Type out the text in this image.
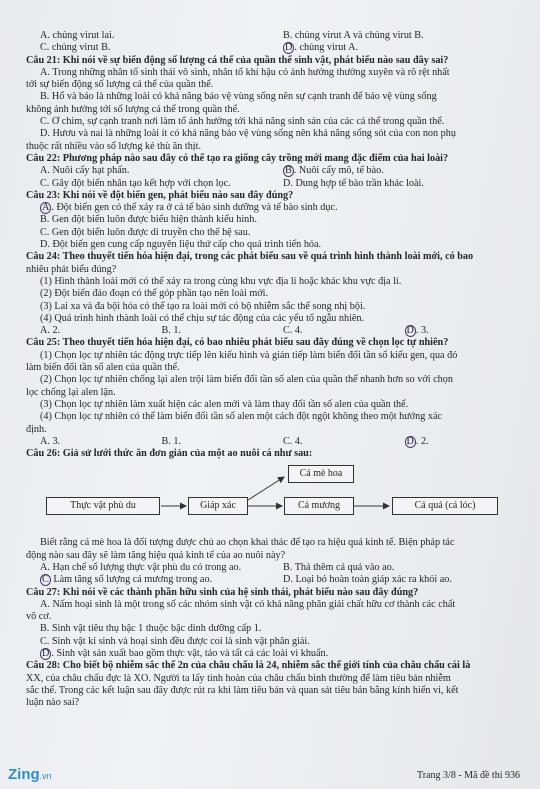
A. chủng virut lai.	B. chủng virut A và chủng virut B.
C. chủng virut B.	D . chủng virut A.
Câu 21: Khi nói về sự biến động số lượng cá thể của quần thể sinh vật, phát biểu nào sau đây sai?
A. Trong những nhân tố sinh thái vô sinh, nhân tố khí hậu có ảnh hưởng thường xuyên và rõ rệt nhất
tới sự biến động số lượng cá thể của quần thể.
B. Hổ và báo là những loài có khả năng bảo vệ vùng sống nên sự cạnh tranh để bảo vệ vùng sống
không ảnh hưởng tới số lượng cá thể trong quần thể.
C. Ở chim, sự cạnh tranh nơi làm tổ ảnh hưởng tới khả năng sinh sản của các cá thể trong quần thể.
D. Hươu và nai là những loài ít có khả năng bảo vệ vùng sống nên khả năng sống sót của con non phụ
thuộc rất nhiều vào số lượng kẻ thù ăn thịt.
Câu 22: Phương pháp nào sau đây có thể tạo ra giống cây trồng mới mang đặc điểm của hai loài?
A. Nuôi cấy hạt phấn.	B . Nuôi cấy mô, tế bào.
C. Gây đột biến nhân tạo kết hợp với chọn lọc.	D. Dung hợp tế bào trần khác loài.
Câu 23: Khi nói về đột biến gen, phát biểu nào sau đây đúng?
A . Đột biến gen có thể xảy ra ở cả tế bào sinh dưỡng và tế bào sinh dục.
B. Gen đột biến luôn được biểu hiện thành kiểu hình.
C. Gen đột biến luôn được di truyền cho thế hệ sau.
D. Đột biến gen cung cấp nguyên liệu thứ cấp cho quá trình tiến hóa.
Câu 24: Theo thuyết tiến hóa hiện đại, trong các phát biểu sau về quá trình hình thành loài mới, có bao
nhiêu phát biểu đúng?
(1) Hình thành loài mới có thể xảy ra trong cùng khu vực địa lí hoặc khác khu vực địa lí.
(2) Đột biến đảo đoạn có thể góp phần tạo nên loài mới.
(3) Lai xa và đa bội hóa có thể tạo ra loài mới có bộ nhiễm sắc thể song nhị bội.
(4) Quá trình hình thành loài có thể chịu sự tác động của các yếu tố ngẫu nhiên.
A. 2.	B. 1.	C. 4.	D . 3.
Câu 25: Theo thuyết tiến hóa hiện đại, có bao nhiêu phát biểu sau đây đúng về chọn lọc tự nhiên?
(1) Chọn lọc tự nhiên tác động trực tiếp lên kiểu hình và gián tiếp làm biến đổi tần số kiểu gen, qua đó
làm biến đổi tần số alen của quần thể.
(2) Chọn lọc tự nhiên chống lại alen trội làm biến đổi tần số alen của quần thể nhanh hơn so với chọn
lọc chống lại alen lặn.
(3) Chọn lọc tự nhiên làm xuất hiện các alen mới và làm thay đổi tần số alen của quần thể.
(4) Chọn lọc tự nhiên có thể làm biến đổi tần số alen một cách đột ngột không theo một hướng xác
định.
A. 3.	B. 1.	C. 4.	D . 2.
Câu 26: Giả sử lưới thức ăn đơn giản của một ao nuôi cá như sau:
Thực vật phù du	Giáp xác
Cá mè hoa
Cá mương	Cá quả (cá lóc)
Biết rằng cá mè hoa là đối tượng được chủ ao chọn khai thác để tạo ra hiệu quả kinh tế. Biện pháp tác
động nào sau đây sẽ làm tăng hiệu quả kinh tế của ao nuôi này?
A. Hạn chế số lượng thực vật phù du có trong ao.	B. Thả thêm cá quả vào ao.
C Làm tăng số lượng cá mương trong ao.	D. Loại bỏ hoàn toàn giáp xác ra khỏi ao.
Câu 27: Khi nói về các thành phần hữu sinh của hệ sinh thái, phát biểu nào sau đây đúng?
A. Nấm hoại sinh là một trong số các nhóm sinh vật có khả năng phân giải chất hữu cơ thành các chất
vô cơ.
B. Sinh vật tiêu thụ bậc 1 thuộc bậc dinh dưỡng cấp 1.
C. Sinh vật kí sinh và hoại sinh đều được coi là sinh vật phân giải.
D . Sinh vật sản xuất bao gồm thực vật, tảo và tất cả các loài vi khuẩn.
Câu 28: Cho biết bộ nhiễm sắc thể 2n của châu chấu là 24, nhiễm sắc thể giới tính của châu chấu cái là
XX, của châu chấu đực là XO. Người ta lấy tinh hoàn của châu chấu bình thường để làm tiêu bản nhiễm
sắc thể. Trong các kết luận sau đây được rút ra khi làm tiêu bản và quan sát tiêu bản bằng kính hiển vi, kết
luận nào sai?
Trang 3/8 - Mã đề thi 936
Zing.vn
